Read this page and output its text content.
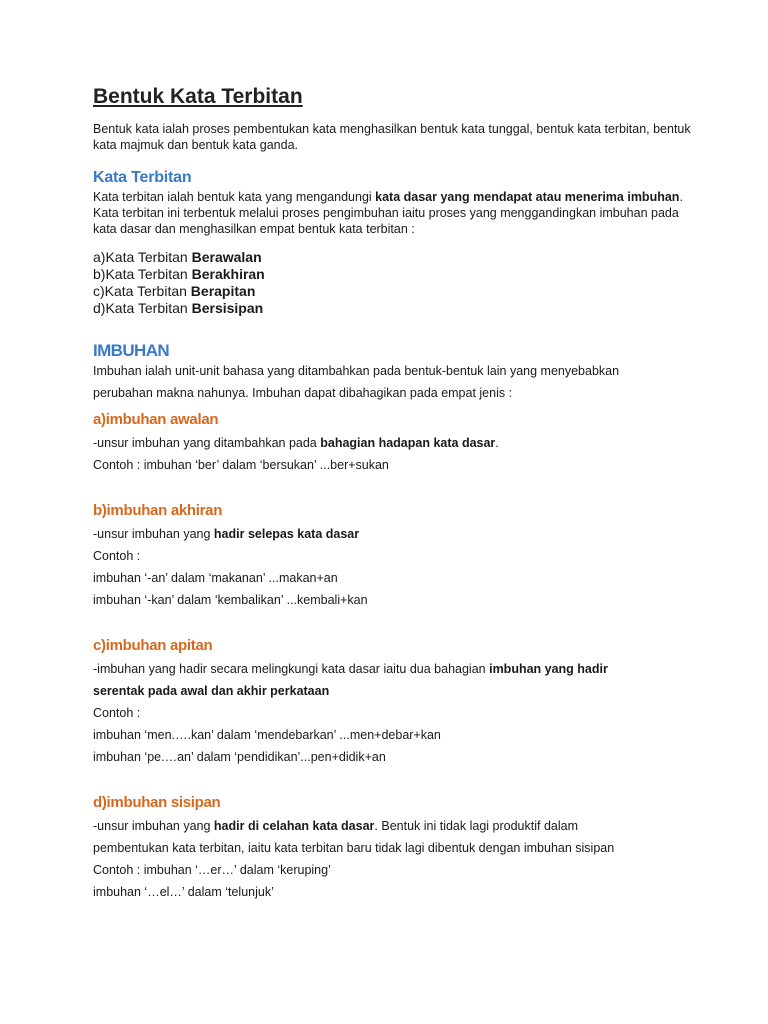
Bentuk Kata Terbitan

Bentuk kata ialah proses pembentukan kata menghasilkan bentuk kata tunggal, bentuk kata terbitan, bentuk kata majmuk dan bentuk kata ganda.

Kata Terbitan

Kata terbitan ialah bentuk kata yang mengandungi kata dasar yang mendapat atau menerima imbuhan. Kata terbitan ini terbentuk melalui proses pengimbuhan iaitu proses yang menggandingkan imbuhan pada kata dasar dan menghasilkan empat bentuk kata terbitan :

a)Kata Terbitan Berawalan
b)Kata Terbitan Berakhiran
c)Kata Terbitan Berapitan
d)Kata Terbitan Bersisipan
IMBUHAN

Imbuhan ialah unit-unit bahasa yang ditambahkan pada bentuk-bentuk lain yang menyebabkan

perubahan makna nahunya. Imbuhan dapat dibahagikan pada empat jenis :

a)imbuhan awalan

-unsur imbuhan yang ditambahkan pada bahagian hadapan kata dasar.

Contoh : imbuhan ‘ber’ dalam ‘bersukan’ ...ber+sukan

b)imbuhan akhiran

-unsur imbuhan yang hadir selepas kata dasar

Contoh :

imbuhan ‘-an’ dalam ‘makanan’ ...makan+an

imbuhan ‘-kan’ dalam ‘kembalikan’ ...kembali+kan

c)imbuhan apitan

-imbuhan yang hadir secara melingkungi kata dasar iaitu dua bahagian imbuhan yang hadir

serentak pada awal dan akhir perkataan

Contoh :

imbuhan ‘men.….kan’ dalam ‘mendebarkan’ ...men+debar+kan

imbuhan ‘pe.…an’ dalam ‘pendidikan’...pen+didik+an

d)imbuhan sisipan

-unsur imbuhan yang hadir di celahan kata dasar. Bentuk ini tidak lagi produktif dalam

pembentukan kata terbitan, iaitu kata terbitan baru tidak lagi dibentuk dengan imbuhan sisipan

Contoh : imbuhan ‘…er…’ dalam ‘keruping’

imbuhan ‘…el…’ dalam ‘telunjuk’
